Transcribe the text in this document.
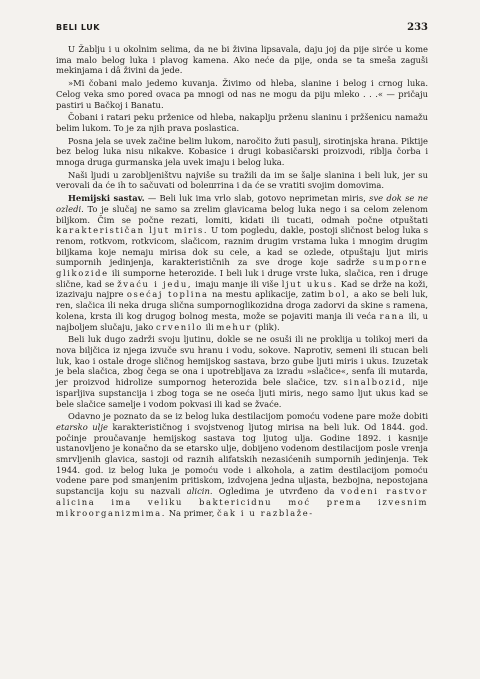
BELI LUK	233

U Žablju i u okolnim selima, da ne bi živina lipsavala, daju joj da pije sirće u kome ima malo belog luka i plavog kamena. Ako neće da pije, onda se ta smeša zaguši mekinjama i dâ živini da jede.

»Mi čobani malo jedemo kuvanja. Živimo od hleba, slanine i belog i crnog luka. Celog veka smo pored ovaca pa mnogi od nas ne mogu da piju mleko . . .« — pričaju pastiri u Bačkoj i Banatu.

Čobani i ratari peku prženice od hleba, nakaplju prženu slaninu i pržšenicu namažu belim lukom. To je za njih prava poslastica.

Posna jela se uvek začine belim lukom, naročito žuti pasulj, sirotinjska hrana. Piktije bez belog luka nisu nikakve. Kobasice i drugi kobasičarski proizvodi, riblja čorba i mnoga druga gurmanska jela uvek imaju i belog luka.

Naši ljudi u zarobljeništvu najviše su tražili da im se šalje slanina i beli luk, jer su verovali da će ih to sačuvati od bolештina i da će se vratiti svojim domovima.

Hemijski sastav. — Beli luk ima vrlo slab, gotovo neprimetan miris, sve dok se ne ozledi. To je slučaj ne samo sa zrelim glavicama belog luka nego i sa celom zelenom biljkom. Čim se počne rezati, lomiti, kidati ili tucati, odmah počne otpuštati karakterističan ljut miris. U tom pogledu, dakle, postoji sličnost belog luka s renom, rotkvom, rotkvicom, slačicom, raznim drugim vrstama luka i mnogim drugim biljkama koje nemaju mirisa dok su cele, a kad se ozlede, otpuštaju ljut miris sumpornih jedinjenja, karakterističnih za sve droge koje sadrže sumporne glikozide ili sumporne heterozide. I beli luk i druge vrste luka, slačica, ren i druge slične, kad se žvaću i jedu, imaju manje ili više ljut ukus. Kad se drže na koži, izazivaju najpre osećaj toplina na mestu aplikacije, zatim bol, a ako se beli luk, ren, slačica ili neka druga slična sumpornoglikozidna droga zadorvi da skine s ramena, kolena, krsta ili kog drugog bolnog mesta, može se pojaviti manja ili veća rana ili, u najboljem slučaju, jako crvenilo ili mehur (plik).

Beli luk dugo zadrži svoju ljutinu, dokle se ne osuši ili ne proklija u tolikoj meri da nova biljčica iz njega izvuče svu hranu i vodu, sokove. Naprotiv, semeni ili stucan beli luk, kao i ostale droge sličnog hemijskog sastava, brzo gube ljuti miris i ukus. Izuzetak je bela slačica, zbog čega se ona i upotrebljava za izradu »slačice«, senfa ili mutarda, jer proizvod hidrolize sumpornog heterozida bele slačice, tzv. sinalbozid, nije isparljiva supstancija i zbog toga se ne oseća ljuti miris, nego samo ljut ukus kad se bele slačice samelje i vodom pokvasi ili kad se žvaće.

Odavno je poznato da se iz belog luka destilacijom pomoću vodene pare može dobiti etarsko ulje karakterističnog i svojstvenog ljutog mirisa na beli luk. Od 1844. god. počinje proučavanje hemijskog sastava tog ljutog ulja. Godine 1892. i kasnije ustanovljeno je konačno da se etarsko ulje, dobijeno vodenom destilacijom posle vrenja smrvljenih glavica, sastoji od raznih alifatskih nezasićenih sumpornih jedinjenja. Tek 1944. god. iz belog luka je pomoću vode i alkohola, a zatim destilacijom pomoću vodene pare pod smanjenim pritiskom, izdvojena jedna uljasta, bezbojna, nepostojana supstancija koju su nazvali alicin. Ogledima je utvrđeno da vodeni rastvor alicina ima veliku baktericidnu moć prema izvesnim mikroorganizmima. Na primer, čak i u razblaže-
